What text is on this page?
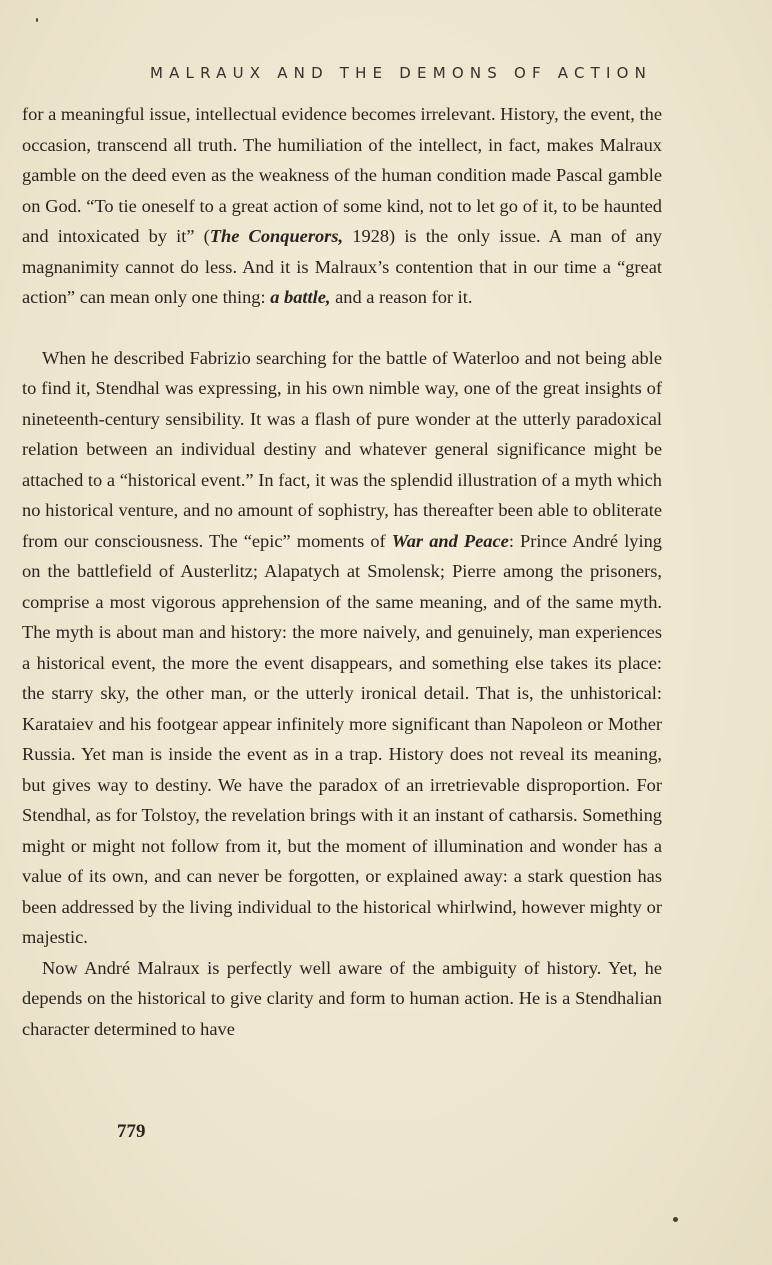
MALRAUX AND THE DEMONS OF ACTION

for a meaningful issue, intellectual evidence becomes irrelevant. History, the event, the occasion, transcend all truth. The humiliation of the intellect, in fact, makes Malraux gamble on the deed even as the weakness of the human condition made Pascal gamble on God. “To tie oneself to a great action of some kind, not to let go of it, to be haunted and intoxicated by it” (The Conquerors, 1928) is the only issue. A man of any magnanimity cannot do less. And it is Malraux’s contention that in our time a “great action” can mean only one thing: a battle, and a reason for it.

When he described Fabrizio searching for the battle of Waterloo and not being able to find it, Stendhal was expressing, in his own nimble way, one of the great insights of nineteenth-century sensibility. It was a flash of pure wonder at the utterly paradoxical relation between an individual destiny and whatever general significance might be attached to a “historical event.” In fact, it was the splendid illustration of a myth which no historical venture, and no amount of sophistry, has thereafter been able to obliterate from our consciousness. The “epic” moments of War and Peace: Prince André lying on the battlefield of Austerlitz; Alapatych at Smolensk; Pierre among the prisoners, comprise a most vigorous apprehension of the same meaning, and of the same myth. The myth is about man and history: the more naively, and genuinely, man experiences a historical event, the more the event disappears, and something else takes its place: the starry sky, the other man, or the utterly ironical detail. That is, the unhistorical: Karataiev and his footgear appear infinitely more significant than Napoleon or Mother Russia. Yet man is inside the event as in a trap. History does not reveal its meaning, but gives way to destiny. We have the paradox of an irretrievable disproportion. For Stendhal, as for Tolstoy, the revelation brings with it an instant of catharsis. Something might or might not follow from it, but the moment of illumination and wonder has a value of its own, and can never be forgotten, or explained away: a stark question has been addressed by the living individual to the historical whirlwind, however mighty or majestic.

Now André Malraux is perfectly well aware of the ambiguity of history. Yet, he depends on the historical to give clarity and form to human action. He is a Stendhalian character determined to have

779
